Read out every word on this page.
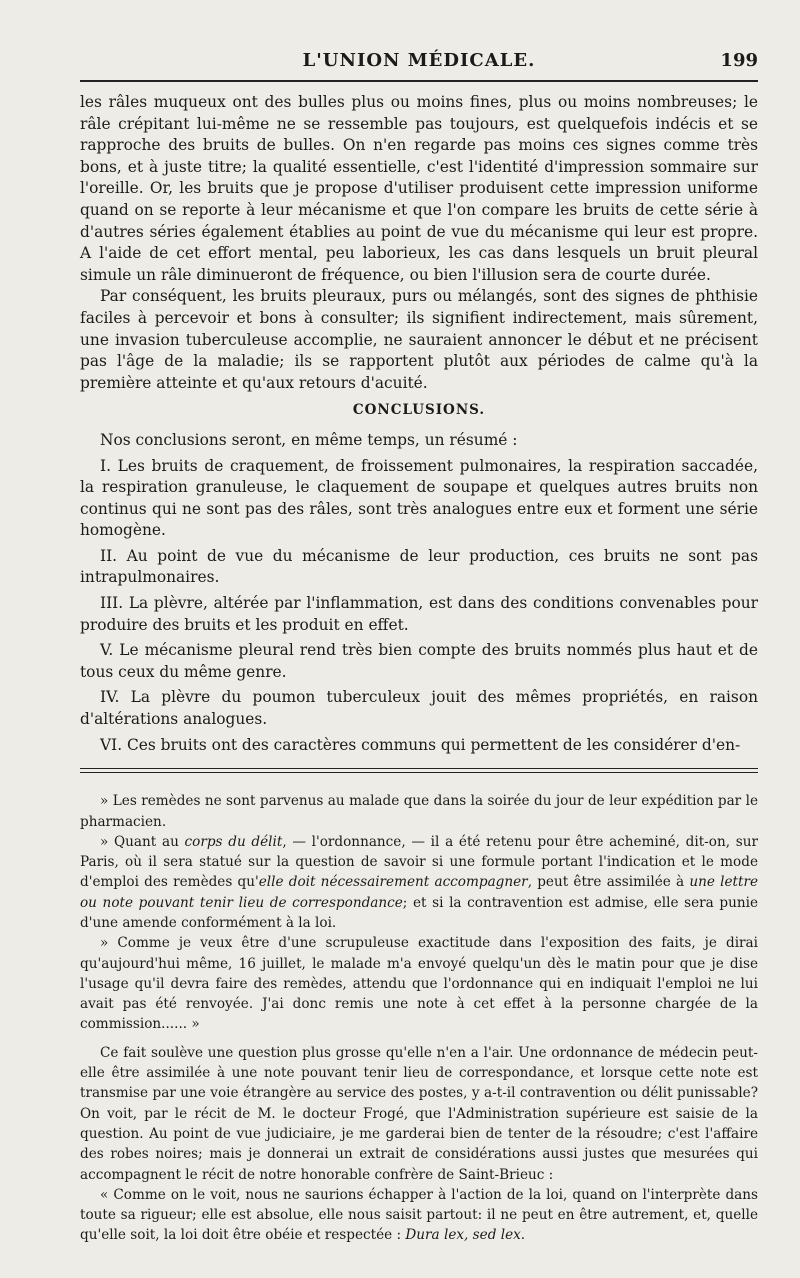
L'UNION MÉDICALE.	199

les râles muqueux ont des bulles plus ou moins fines, plus ou moins nombreuses; le râle crépitant lui-même ne se ressemble pas toujours, est quelquefois indécis et se rapproche des bruits de bulles. On n'en regarde pas moins ces signes comme très bons, et à juste titre; la qualité essentielle, c'est l'identité d'impression sommaire sur l'oreille. Or, les bruits que je propose d'utiliser produisent cette impression uniforme quand on se reporte à leur mécanisme et que l'on compare les bruits de cette série à d'autres séries également établies au point de vue du mécanisme qui leur est propre. A l'aide de cet effort mental, peu laborieux, les cas dans lesquels un bruit pleural simule un râle diminueront de fréquence, ou bien l'illusion sera de courte durée.

Par conséquent, les bruits pleuraux, purs ou mélangés, sont des signes de phthisie faciles à percevoir et bons à consulter; ils signifient indirectement, mais sûrement, une invasion tuberculeuse accomplie, ne sauraient annoncer le début et ne précisent pas l'âge de la maladie; ils se rapportent plutôt aux périodes de calme qu'à la première atteinte et qu'aux retours d'acuité.

CONCLUSIONS.

Nos conclusions seront, en même temps, un résumé :

I. Les bruits de craquement, de froissement pulmonaires, la respiration saccadée, la respiration granuleuse, le claquement de soupape et quelques autres bruits non continus qui ne sont pas des râles, sont très analogues entre eux et forment une série homogène.

II. Au point de vue du mécanisme de leur production, ces bruits ne sont pas intrapulmonaires.

III. La plèvre, altérée par l'inflammation, est dans des conditions convenables pour produire des bruits et les produit en effet.

V. Le mécanisme pleural rend très bien compte des bruits nommés plus haut et de tous ceux du même genre.

IV. La plèvre du poumon tuberculeux jouit des mêmes propriétés, en raison d'altérations analogues.

VI. Ces bruits ont des caractères communs qui permettent de les considérer d'en-

» Les remèdes ne sont parvenus au malade que dans la soirée du jour de leur expédition par le pharmacien.

» Quant au corps du délit, — l'ordonnance, — il a été retenu pour être acheminé, dit-on, sur Paris, où il sera statué sur la question de savoir si une formule portant l'indication et le mode d'emploi des remèdes qu'elle doit nécessairement accompagner, peut être assimilée à une lettre ou note pouvant tenir lieu de correspondance; et si la contravention est admise, elle sera punie d'une amende conformément à la loi.

» Comme je veux être d'une scrupuleuse exactitude dans l'exposition des faits, je dirai qu'aujourd'hui même, 16 juillet, le malade m'a envoyé quelqu'un dès le matin pour que je dise l'usage qu'il devra faire des remèdes, attendu que l'ordonnance qui en indiquait l'emploi ne lui avait pas été renvoyée. J'ai donc remis une note à cet effet à la personne chargée de la commission...... »

Ce fait soulève une question plus grosse qu'elle n'en a l'air. Une ordonnance de médecin peut-elle être assimilée à une note pouvant tenir lieu de correspondance, et lorsque cette note est transmise par une voie étrangère au service des postes, y a-t-il contravention ou délit punissable? On voit, par le récit de M. le docteur Frogé, que l'Administration supérieure est saisie de la question. Au point de vue judiciaire, je me garderai bien de tenter de la résoudre; c'est l'affaire des robes noires; mais je donnerai un extrait de considérations aussi justes que mesurées qui accompagnent le récit de notre honorable confrère de Saint-Brieuc :

« Comme on le voit, nous ne saurions échapper à l'action de la loi, quand on l'interprète dans toute sa rigueur; elle est absolue, elle nous saisit partout: il ne peut en être autrement, et, quelle qu'elle soit, la loi doit être obéie et respectée : Dura lex, sed lex.
